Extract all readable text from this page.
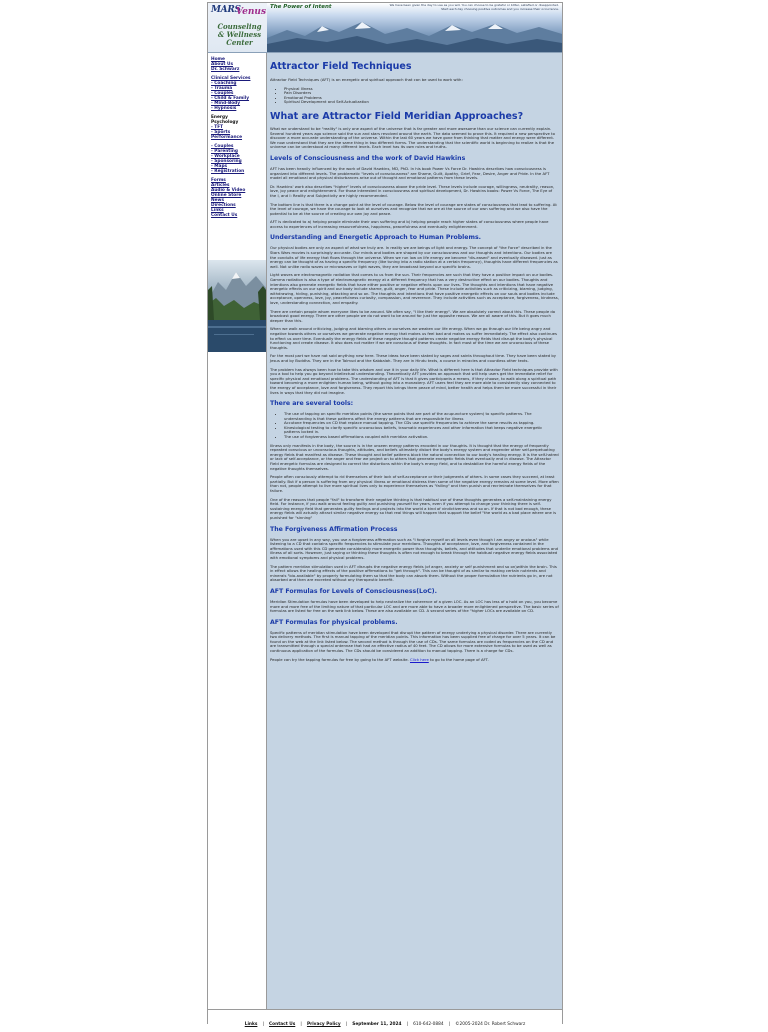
MARS
Venus
Counseling
& Wellness
Center
The Power of Intent	We have been given the day to use as you will. You can choose to be grateful or bitter, satisfied or disappointed. Start each day choosing positive outcomes and you increase their occurrence.
Home
About Us
Dr. Schwarz
Clinical Services
- Coaching
- Trauma
- Couples
- Child & Family
- Mind-Body
- Hypnosis
Energy
Psychology
- TFT
- Sports
Performance
- Couples
- Parenting
- Workplace
- Sponsoring
- Maps
- Registration
Forms
Articles
Audio & Video
Online Store
News
Directions
Links
Contact Us
Attractor Field Techniques

Attractor Field Techniques (AFT) is an energetic and spiritual approach that can be used to work with:

• Physical Illness
• Pain Disorders
• Emotional Problems
• Spiritual Development and Self-Actualization
What are Attractor Field Meridian Approaches?

What we understand to be "reality" is only one aspect of the universe that is far greater and more awesome than our science can currently explain. Several hundred years ago science said the sun and stars revolved around the earth. The data seemed to prove this. It required a new perspective to discover a more accurate understanding of the universe. Within the last 60 years we have gone from thinking that matter and energy were different. We now understand that they are the same thing in two different forms. The understanding that the scientific world is beginning to realize is that the universe can be understood at many different levels. Each level has its own rules and truths.

Levels of Consciousness and the work of David Hawkins

AFT has been heavily influenced by the work of David Hawkins, MD, PhD. In his book Power Vs Force Dr. Hawkins describes how consciousness is organized into different levels. The problematic "levels of consciousness" are Shame, Guilt, Apathy, Grief, Fear, Desire, Anger and Pride. In the AFT model all emotional and physical disturbances arise out of thought and emotional patterns from these levels.

Dr. Hawkins' work also describes "higher" levels of consciousness above the pride level. These levels include courage, willingness, neutrality, reason, love, joy peace and enlightenment. For those interested in consciousness and spiritual development, Dr. Hawkins books: Power Vs Force, The Eye of the I, and I: Reality and Subjectivity are highly recommended.

The bottom line is that there is a change point at the level of courage. Below the level of courage are states of consciousness that lead to suffering. At the level of courage, we have the courage to look at ourselves and recognize that we are at the source of our own suffering and we also have the potential to be at the source of creating our own joy and peace.

AFT is dedicated to a) helping people eliminate their own suffering and b) helping people reach higher states of consciousness where people have access to experiences of increasing resourcefulness, happiness, peacefulness and eventually enlightenment.

Understanding and Energetic Approach to Human Problems.

Our physical bodies are only an aspect of what we truly are. In reality we are beings of light and energy. The concept of "the Force" described in the Stars Wars movies is surprisingly accurate. Our minds and bodies are shaped by our consciousness and our thoughts and intentions. Our bodies are the conduits of life energy that flows through the universe. When we run low on life energy we become "dis-eased" and eventually diseased. Just as energy can be thought of as having a specific frequency (like tuning into a radio station at a certain frequency), thoughts have different frequencies as well. Not unlike radio waves or microwaves or light waves, they are broadcast beyond our specific brains.

Light waves are electromagnetic radiation that comes to us from the sun. Their frequencies are such that they have a positive impact on our bodies. Gamma radiation is also a type of electromagnetic energy at a different frequency that has a very destructive effect on our bodies. Thoughts and intentions also generate energetic fields that have either positive or negative effects upon our lives. The thoughts and intentions that have negative energetic effects on our spirit and our body include shame, guilt, anger, fear and pride. These include activities such as criticizing, blaming, judging, withdrawing, hiding, punishing, attacking and so on. The thoughts and intentions that have positive energetic effects on our souls and bodies include acceptance, openness, love, joy, peacefulness curiosity, compassion, and reverence. They include activities such as acceptance, forgiveness, kindness, love, understanding connection, and empathy.

There are certain people whom everyone likes to be around. We often say, "I like their energy". We are absolutely correct about this. These people do broadcast good energy. There are other people we do not want to be around for just the opposite reason. We are all aware of this. But it goes much deeper than this.

When we walk around criticizing, judging and blaming others or ourselves we weaken our life energy. When we go through our life being angry and negative towards others or ourselves we generate negative energy that makes us feel bad and makes us suffer immediately. The effect also continues to effect us over time. Eventually the energy fields of these negative thought patterns create negative energy fields that disrupt the body's physical functioning and create disease. It also does not matter if we are conscious of these thoughts. In fact most of the time we are unconscious of these thoughts.

For the most part we have not said anything new here. These ideas have been stated by sages and saints throughout time. They have been stated by Jesus and by Buddha. They are in the Talmud and the Kabbalah. They are in Hindu texts, a course in miracles and countless other texts.

The problem has always been how to take this wisdom and use it in your daily life. What is different here is that Attractor Field techniques provide with you a tool to help you go beyond intellectual understanding. Theoretically AFT provides an approach that will help users get the immediate relief for specific physical and emotional problems. The understanding of AFT is that it gives participants a means, if they choose, to walk along a spiritual path toward becoming a more enlighten human being, without going into a monastery. AFT users feel they are more able to consistently stay connected to the energy of acceptance, love and forgiveness. They report this brings them peace of mind, better health and helps them be more successful in their lives in ways that they did not imagine.

There are several tools:
• The use of tapping on specific meridian points (the same points that are part of the acupuncture system) to specific patterns. The understanding is that these patterns affect the energy patterns that are responsible for illness
• Accutone frequencies on CD that replace manual tapping. The CDs use specific frequencies to achieve the same results as tapping.
• Kinesiological testing to clarify specific unconscious beliefs, traumatic experiences and other information that keeps negative energetic patterns locked in.
• The use of forgiveness based affirmations coupled with meridian activation.

Illness only manifests in the body, the source is in the unseen energy patterns encoded in our thoughts. It is thought that the energy of frequently repeated conscious or unconscious thoughts, attitudes, and beliefs ultimately distort the body's energy system and engender other self-perpetuating energy fields that manifest as disease. These thought and belief patterns block the natural connection to our body's healing energy. It is the self-hatred or lack of self-acceptance, or the anger and fear we project on to others that generate energetic fields that eventually end in disease. The Attractor Field energetic formulas are designed to correct the distortions within the body's energy field, and to destabilize the harmful energy fields of the negative thoughts themselves.

People often consciously attempt to rid themselves of their lack of self-acceptance or their judgments of others. In some cases they succeed, at least partially. But if a person is suffering from any physical illness or emotional distress then some of the negative energy remains at some level. More often than not, people attempt to live more spiritual lives only to experience themselves as "failing" and then punish and recriminate themselves for that failure.

One of the reasons that people "fail" to transform their negative thinking is that habitual use of these thoughts generates a self-maintaining energy field. For instance, if you walk around feeling guilty and punishing yourself for years, even if you attempt to change your thinking there is self-sustaining energy field that generates guilty feelings and projects into the world a kind of vindictiveness and so on. If that is not bad enough, these energy fields will actually attract similar negative energy so that real things will happen that support the belief "the world as a bad place where one is punished for "sinning"

The Forgiveness Affirmation Process

When you are upset in any way, you use a forgiveness affirmation such as "I forgive myself on all levels even though I am angry or anxious" while listening to a CD that contains specific frequencies to stimulate your meridians. Thoughts of acceptance, love, and forgiveness contained in the affirmations used with this CD generate considerably more energetic power than thoughts, beliefs, and attitudes that underlie emotional problems and illness of all sorts. However, just saying or thinking these thoughts is often not enough to break through the habitual negative energy fields associated with emotional symptoms and physical problems.

The pattern meridian stimulation used in AFT disrupts the negative energy fields (of anger, anxiety or self punishment and so on)within the brain. This in effect allows the healing effects of the positive affirmations to "get through". This can be thought of as similar to making certain nutrients and minerals "bio-available" by properly formulating them so that the body can absorb them. Without the proper formulation the nutrients go in, are not absorbed and then are excreted without any therapeutic benefit.

AFT Formulas for Levels of Consciousness(LoC).

Meridian Stimulation formulas have been developed to help neutralize the coherence of a given LOC. As an LOC has less of a hold on you, you become more and more free of the limiting nature of that particular LOC and are more able to have a broader more enlightened perspective. The basic series of formulas are listed for free on the web link below. These are also available on CD. A second series of the "higher LOCs are available on CD.

AFT Formulas for physical problems.

Specific patterns of meridian stimulation have been developed that disrupt the pattern of energy underlying a physical disorder. There are currently two delivery methods. The first is manual tapping of the meridian points. This information has been supplied free of charge for over 5 years. It can be found on the web at the link listed below. The second method is through the use of CDs. The same formulas are coded as frequencies on the CD and are transmitted through a special antennae that had an effective radius of 40 feet. The CD allows for more extensive formulas to be used as well as continuous application of the formulas. The CDs should be considered an addition to manual tapping. There is a charge for CDs.

People can try the tapping formulas for free by going to the AFT website. Click here to go to the home page of AFT.

Links | Contact Us | Privacy Policy | September 11, 2024 | 610-642-0884 | ©2005-2024 Dr. Robert Schwarz
